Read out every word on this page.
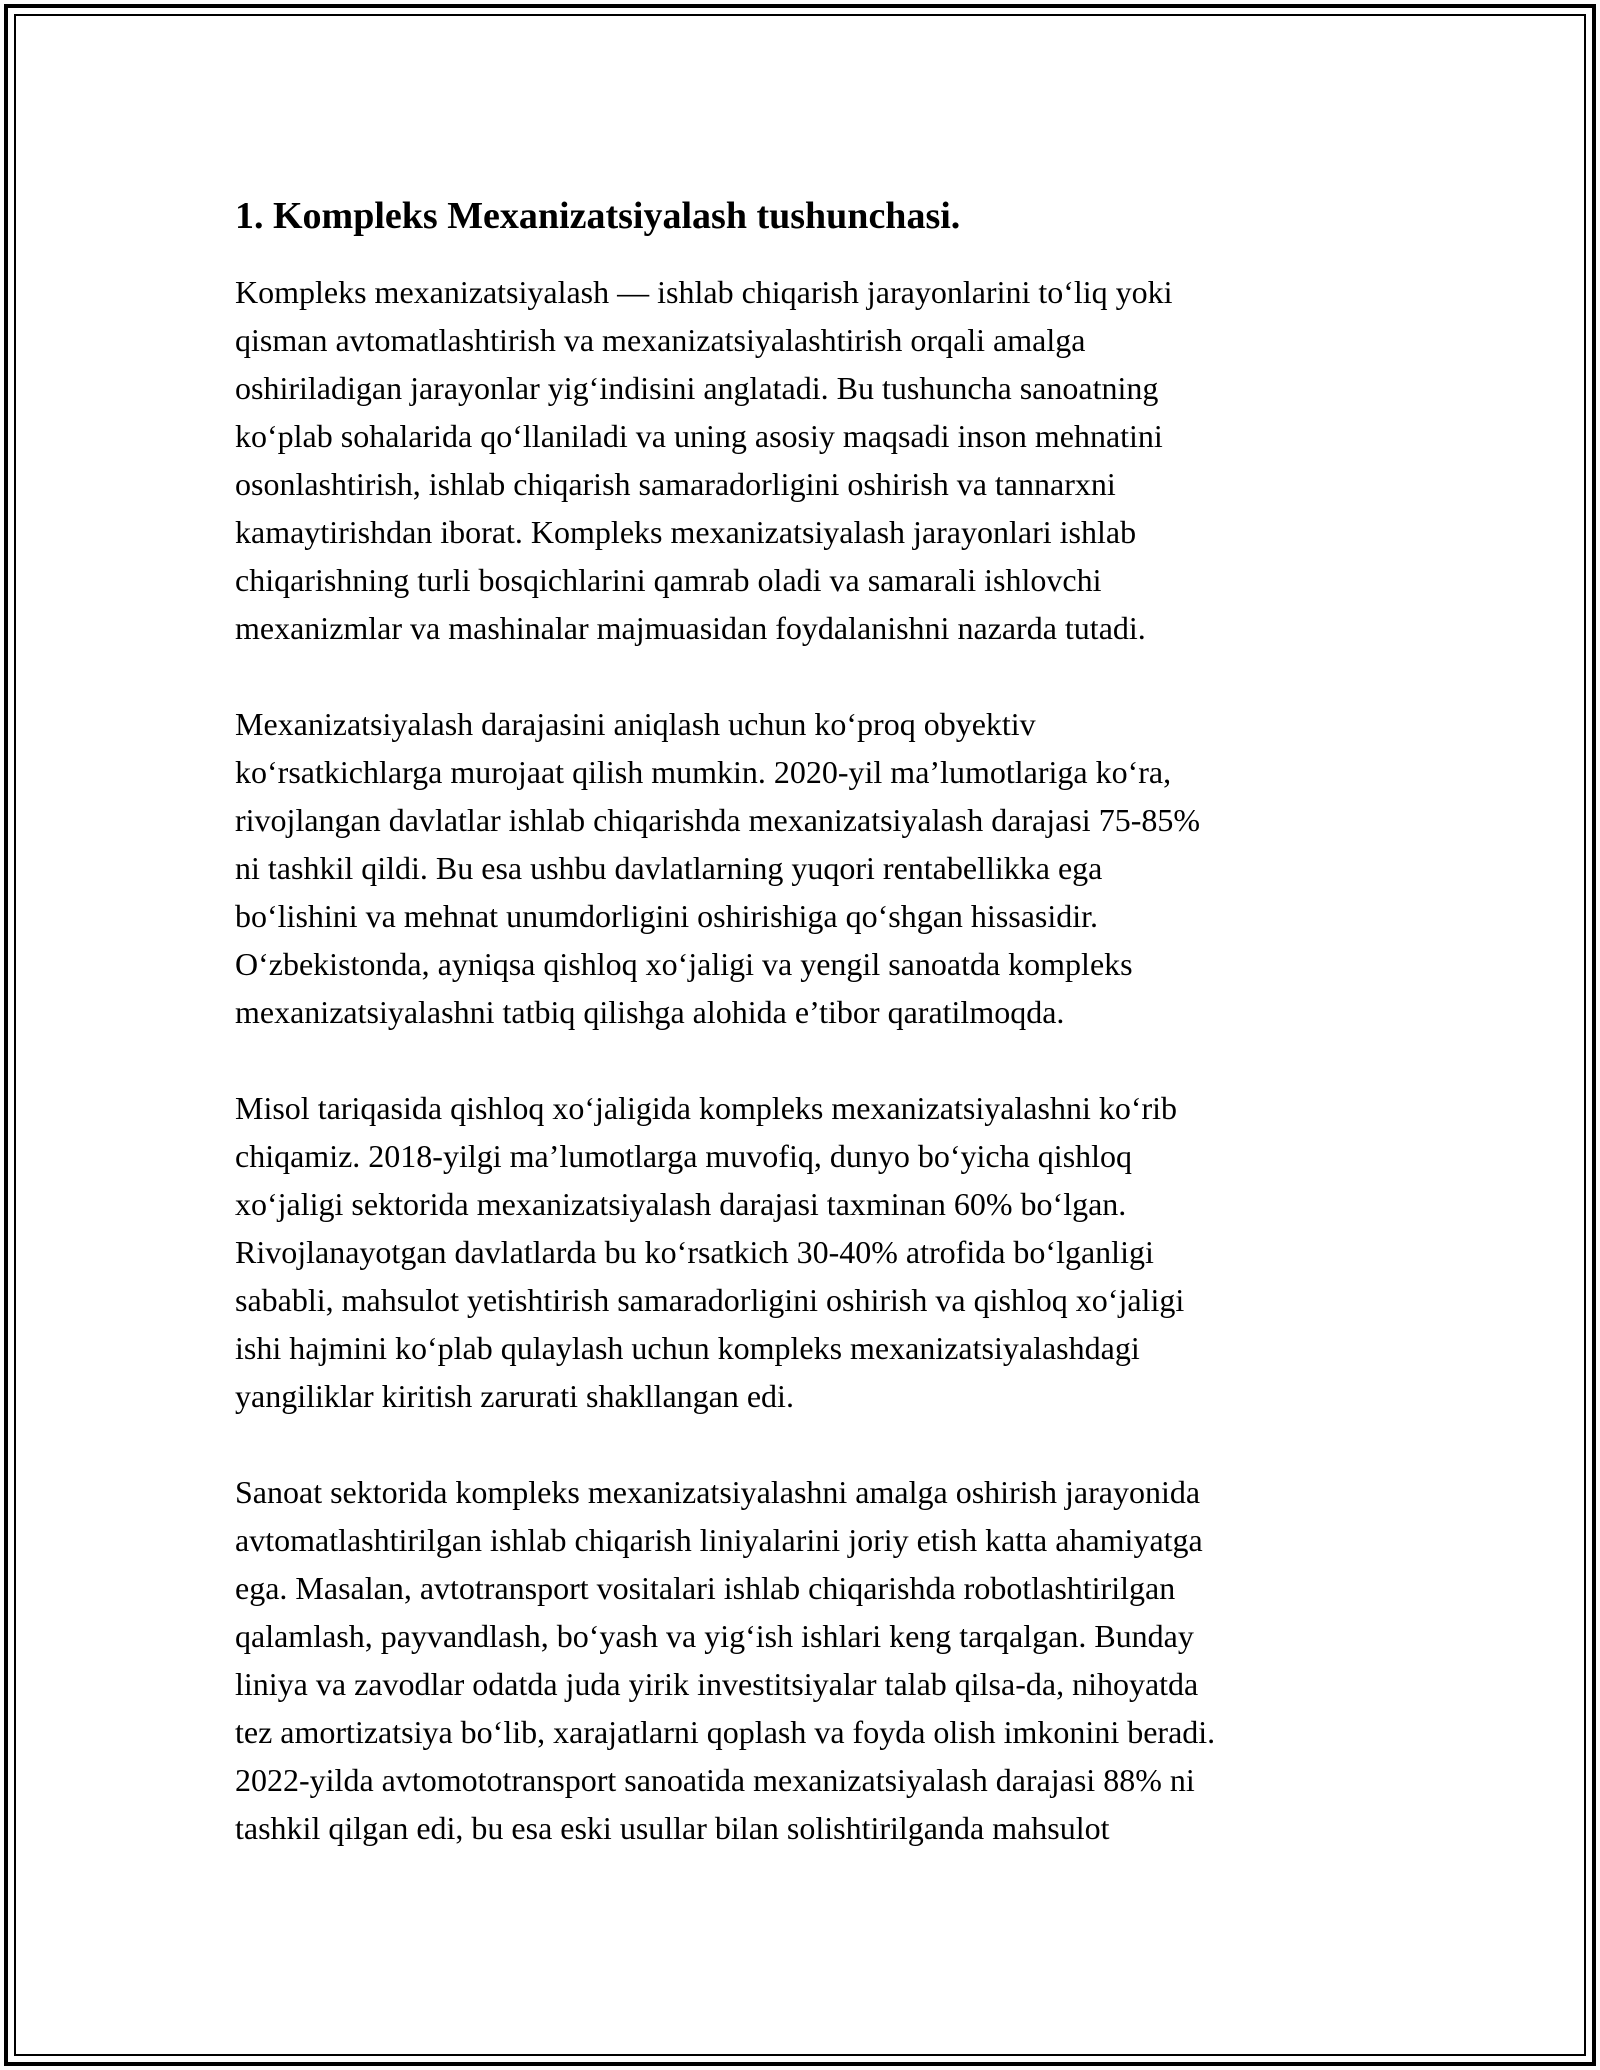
1. Kompleks Mexanizatsiyalash tushunchasi.

Kompleks mexanizatsiyalash — ishlab chiqarish jarayonlarini to‘liq yoki
qisman avtomatlashtirish va mexanizatsiyalashtirish orqali amalga
oshiriladigan jarayonlar yig‘indisini anglatadi. Bu tushuncha sanoatning
ko‘plab sohalarida qo‘llaniladi va uning asosiy maqsadi inson mehnatini
osonlashtirish, ishlab chiqarish samaradorligini oshirish va tannarxni
kamaytirishdan iborat. Kompleks mexanizatsiyalash jarayonlari ishlab
chiqarishning turli bosqichlarini qamrab oladi va samarali ishlovchi
mexanizmlar va mashinalar majmuasidan foydalanishni nazarda tutadi.

Mexanizatsiyalash darajasini aniqlash uchun ko‘proq obyektiv
ko‘rsatkichlarga murojaat qilish mumkin. 2020-yil ma’lumotlariga ko‘ra,
rivojlangan davlatlar ishlab chiqarishda mexanizatsiyalash darajasi 75-85%
ni tashkil qildi. Bu esa ushbu davlatlarning yuqori rentabellikka ega
bo‘lishini va mehnat unumdorligini oshirishiga qo‘shgan hissasidir.
O‘zbekistonda, ayniqsa qishloq xo‘jaligi va yengil sanoatda kompleks
mexanizatsiyalashni tatbiq qilishga alohida e’tibor qaratilmoqda.

Misol tariqasida qishloq xo‘jaligida kompleks mexanizatsiyalashni ko‘rib
chiqamiz. 2018-yilgi ma’lumotlarga muvofiq, dunyo bo‘yicha qishloq
xo‘jaligi sektorida mexanizatsiyalash darajasi taxminan 60% bo‘lgan.
Rivojlanayotgan davlatlarda bu ko‘rsatkich 30-40% atrofida bo‘lganligi
sababli, mahsulot yetishtirish samaradorligini oshirish va qishloq xo‘jaligi
ishi hajmini ko‘plab qulaylash uchun kompleks mexanizatsiyalashdagi
yangiliklar kiritish zarurati shakllangan edi.

Sanoat sektorida kompleks mexanizatsiyalashni amalga oshirish jarayonida
avtomatlashtirilgan ishlab chiqarish liniyalarini joriy etish katta ahamiyatga
ega. Masalan, avtotransport vositalari ishlab chiqarishda robotlashtirilgan
qalamlash, payvandlash, bo‘yash va yig‘ish ishlari keng tarqalgan. Bunday
liniya va zavodlar odatda juda yirik investitsiyalar talab qilsa-da, nihoyatda
tez amortizatsiya bo‘lib, xarajatlarni qoplash va foyda olish imkonini beradi.
2022-yilda avtomototransport sanoatida mexanizatsiyalash darajasi 88% ni
tashkil qilgan edi, bu esa eski usullar bilan solishtirilganda mahsulot
